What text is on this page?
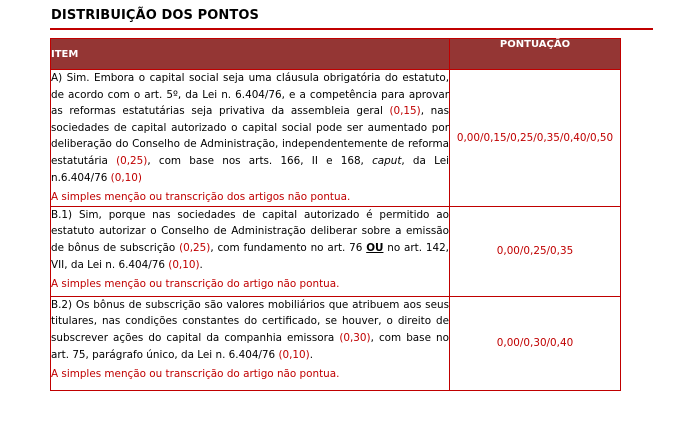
DISTRIBUIÇÃO DOS PONTOS
ITEM	PONTUAÇÃO

A) Sim. Embora o capital social seja uma cláusula obrigatória do estatuto, de acordo com o art. 5º, da Lei n. 6.404/76, e a competência para aprovar as reformas estatutárias seja privativa da assembleia geral (0,15), nas sociedades de capital autorizado o capital social pode ser aumentado por deliberação do Conselho de Administração, independentemente de reforma estatutária (0,25), com base nos arts. 166, II e 168, caput, da Lei n.6.404/76 (0,10)

A simples menção ou transcrição dos artigos não pontua.	0,00/0,15/0,25/0,35/0,40/0,50

B.1) Sim, porque nas sociedades de capital autorizado é permitido ao estatuto autorizar o Conselho de Administração deliberar sobre a emissão de bônus de subscrição (0,25), com fundamento no art. 76 OU no art. 142, VII, da Lei n. 6.404/76 (0,10).

A simples menção ou transcrição do artigo não pontua.	0,00/0,25/0,35

B.2) Os bônus de subscrição são valores mobiliários que atribuem aos seus titulares, nas condições constantes do certificado, se houver, o direito de subscrever ações do capital da companhia emissora (0,30), com base no art. 75, parágrafo único, da Lei n. 6.404/76 (0,10).

A simples menção ou transcrição do artigo não pontua.	0,00/0,30/0,40
